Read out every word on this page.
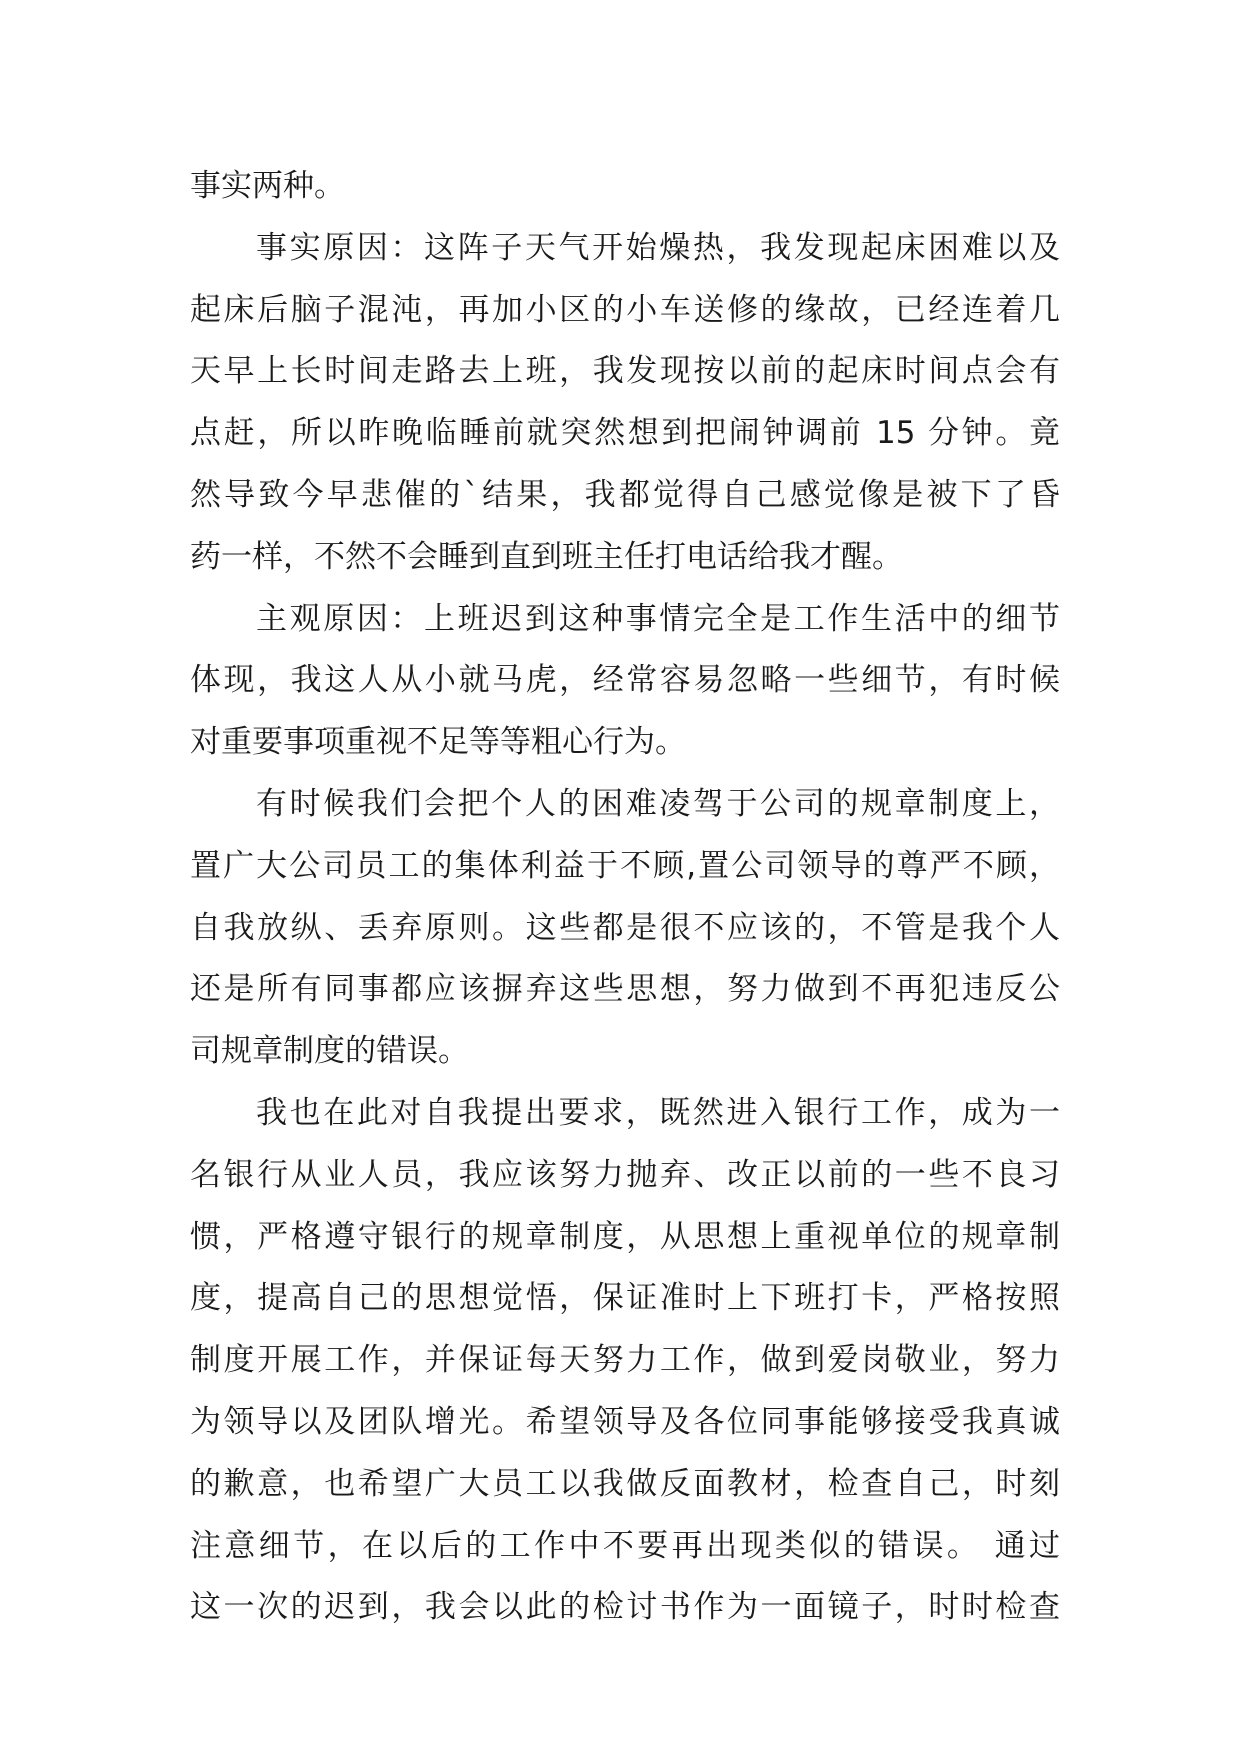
事实两种。
事实原因：这阵子天气开始燥热，我发现起床困难以及
起床后脑子混沌，再加小区的小车送修的缘故，已经连着几
天早上长时间走路去上班，我发现按以前的起床时间点会有
点赶，所以昨晚临睡前就突然想到把闹钟调前 15 分钟。竟
然导致今早悲催的`结果，我都觉得自己感觉像是被下了昏
药一样，不然不会睡到直到班主任打电话给我才醒。
主观原因：上班迟到这种事情完全是工作生活中的细节
体现，我这人从小就马虎，经常容易忽略一些细节，有时候
对重要事项重视不足等等粗心行为。
有时候我们会把个人的困难凌驾于公司的规章制度上，
置广大公司员工的集体利益于不顾,置公司领导的尊严不顾，
自我放纵、丢弃原则。这些都是很不应该的，不管是我个人
还是所有同事都应该摒弃这些思想，努力做到不再犯违反公
司规章制度的错误。
我也在此对自我提出要求，既然进入银行工作，成为一
名银行从业人员，我应该努力抛弃、改正以前的一些不良习
惯，严格遵守银行的规章制度，从思想上重视单位的规章制
度，提高自己的思想觉悟，保证准时上下班打卡，严格按照
制度开展工作，并保证每天努力工作，做到爱岗敬业，努力
为领导以及团队增光。希望领导及各位同事能够接受我真诚
的歉意，也希望广大员工以我做反面教材，检查自己，时刻
注意细节，在以后的工作中不要再出现类似的错误。 通过
这一次的迟到，我会以此的检讨书作为一面镜子，时时检查
